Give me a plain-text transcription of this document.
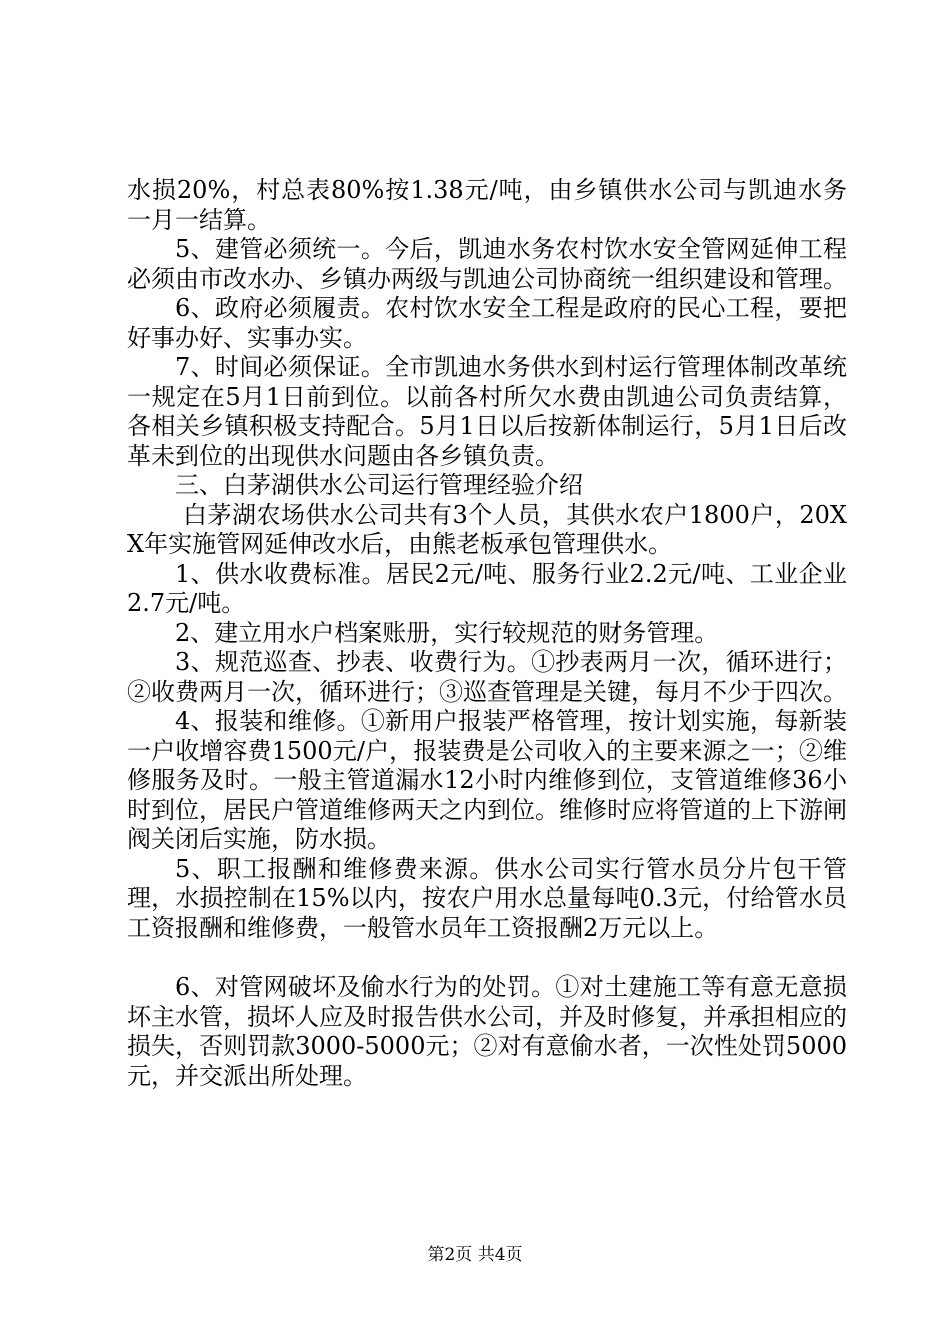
水损20%，村总表80%按1.38元/吨，由乡镇供水公司与凯迪水务一月一结算。

5、建管必须统一。今后，凯迪水务农村饮水安全管网延伸工程必须由市改水办、乡镇办两级与凯迪公司协商统一组织建设和管理。

6、政府必须履责。农村饮水安全工程是政府的民心工程，要把好事办好、实事办实。

7、时间必须保证。全市凯迪水务供水到村运行管理体制改革统一规定在5月1日前到位。以前各村所欠水费由凯迪公司负责结算，各相关乡镇积极支持配合。5月1日以后按新体制运行，5月1日后改革未到位的出现供水问题由各乡镇负责。

三、白茅湖供水公司运行管理经验介绍

白茅湖农场供水公司共有3个人员，其供水农户1800户，20XX年实施管网延伸改水后，由熊老板承包管理供水。

1、供水收费标准。居民2元/吨、服务行业2.2元/吨、工业企业2.7元/吨。

2、建立用水户档案账册，实行较规范的财务管理。

3、规范巡查、抄表、收费行为。①抄表两月一次，循环进行；②收费两月一次，循环进行；③巡查管理是关键，每月不少于四次。

4、报装和维修。①新用户报装严格管理，按计划实施，每新装一户收增容费1500元/户，报装费是公司收入的主要来源之一；②维修服务及时。一般主管道漏水12小时内维修到位，支管道维修36小时到位，居民户管道维修两天之内到位。维修时应将管道的上下游闸阀关闭后实施，防水损。

5、职工报酬和维修费来源。供水公司实行管水员分片包干管理，水损控制在15%以内，按农户用水总量每吨0.3元，付给管水员工资报酬和维修费，一般管水员年工资报酬2万元以上。

6、对管网破坏及偷水行为的处罚。①对土建施工等有意无意损坏主水管，损坏人应及时报告供水公司，并及时修复，并承担相应的损失，否则罚款3000-5000元；②对有意偷水者，一次性处罚5000元，并交派出所处理。

第2页 共4页
